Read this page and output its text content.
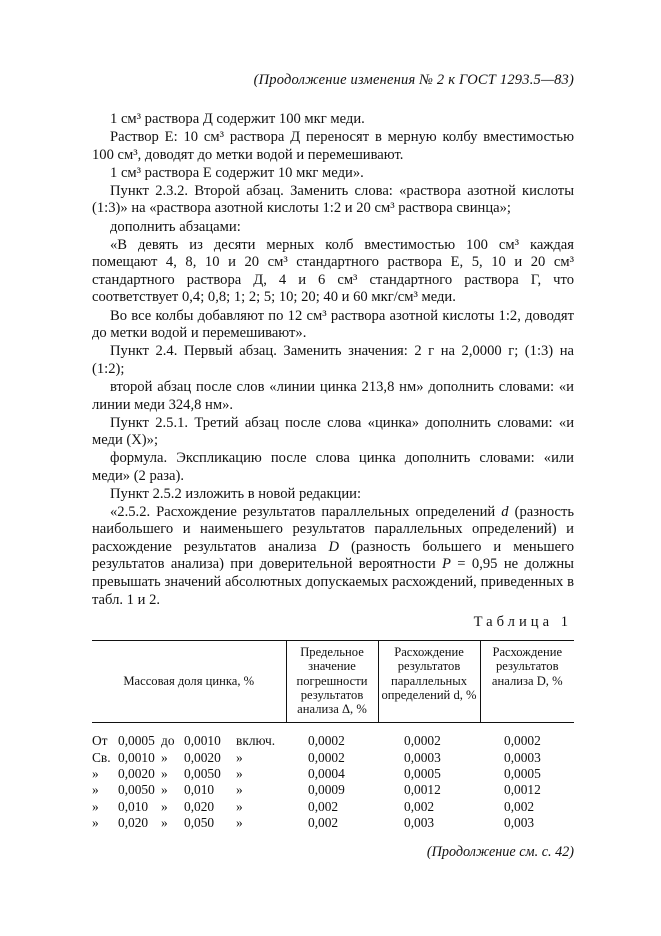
(Продолжение изменения № 2 к ГОСТ 1293.5—83)

1 см³ раствора Д содержит 100 мкг меди.

Раствор Е: 10 см³ раствора Д переносят в мерную колбу вместимостью 100 см³, доводят до метки водой и перемешивают.

1 см³ раствора Е содержит 10 мкг меди».

Пункт 2.3.2. Второй абзац. Заменить слова: «раствора азотной кислоты (1:3)» на «раствора азотной кислоты 1:2 и 20 см³ раствора свинца»;

дополнить абзацами:

«В девять из десяти мерных колб вместимостью 100 см³ каждая помещают 4, 8, 10 и 20 см³ стандартного раствора Е, 5, 10 и 20 см³ стандартного раствора Д, 4 и 6 см³ стандартного раствора Г, что соответствует 0,4; 0,8; 1; 2; 5; 10; 20; 40 и 60 мкг/см³ меди.

Во все колбы добавляют по 12 см³ раствора азотной кислоты 1:2, доводят до метки водой и перемешивают».

Пункт 2.4. Первый абзац. Заменить значения: 2 г на 2,0000 г; (1:3) на (1:2);

второй абзац после слов «линии цинка 213,8 нм» дополнить словами: «и линии меди 324,8 нм».

Пункт 2.5.1. Третий абзац после слова «цинка» дополнить словами: «и меди (X)»;

формула. Экспликацию после слова цинка дополнить словами: «или меди» (2 раза).

Пункт 2.5.2 изложить в новой редакции:

«2.5.2. Расхождение результатов параллельных определений d (разность наибольшего и наименьшего результатов параллельных определений) и расхождение результатов анализа D (разность большего и меньшего результатов анализа) при доверительной вероятности P = 0,95 не должны превышать значений абсолютных допускаемых расхождений, приведенных в табл. 1 и 2.

Таблица 1
Массовая доля цинка, %	Предельное значение погрешности результатов анализа Δ, %	Расхождение результатов параллельных определений d, %	Расхождение результатов анализа D, %

От 0,0005 до 0,0010 включ.	0,0002	0,0002	0,0002

Св. 0,0010 » 0,0020 »	0,0002	0,0003	0,0003

» 0,0020 » 0,0050 »	0,0004	0,0005	0,0005

» 0,0050 » 0,010 »	0,0009	0,0012	0,0012

» 0,010 » 0,020 »	0,002	0,002	0,002

» 0,020 » 0,050 »	0,002	0,003	0,003
(Продолжение см. с. 42)
